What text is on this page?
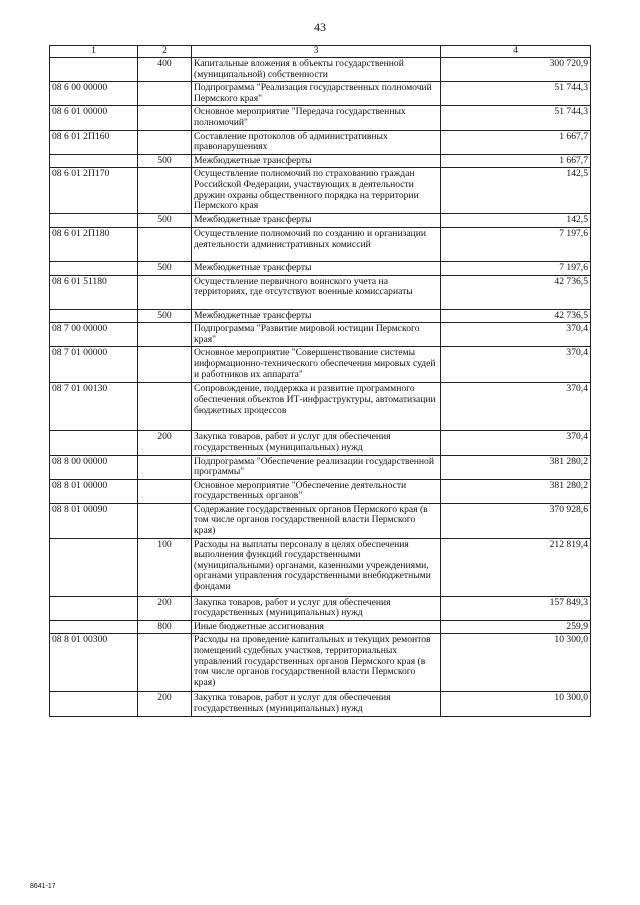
43
1	2	3	4
	400	Капитальные вложения в объекты государственной (муниципальной) собственности	300 720,9
08 6 00 00000		Подпрограмма "Реализация государственных полномочий Пермского края"	51 744,3
08 6 01 00000		Основное мероприятие "Передача государственных полномочий"	51 744,3
08 6 01 2П160		Составление протоколов об административных правонарушениях	1 667,7
	500	Межбюджетные трансферты	1 667,7
08 6 01 2П170		Осуществление полномочий по страхованию граждан Российской Федерации, участвующих в деятельности дружин охраны общественного порядка на территории Пермского края	142,5
	500	Межбюджетные трансферты	142,5
08 6 01 2П180		Осуществление полномочий по созданию и организации деятельности административных комиссий	7 197,6
	500	Межбюджетные трансферты	7 197,6
08 6 01 51180		Осуществление первичного воинского учета на территориях, где отсутствуют военные комиссариаты	42 736,5
	500	Межбюджетные трансферты	42 736,5
08 7 00 00000		Подпрограмма "Развитие мировой юстиции Пермского края"	370,4
08 7 01 00000		Основное мероприятие "Совершенствование системы информационно-технического обеспечения мировых судей и работников их аппарата"	370,4
08 7 01 00130		Сопровождение, поддержка и развитие программного обеспечения объектов ИТ-инфраструктуры, автоматизации бюджетных процессов	370,4
	200	Закупка товаров, работ и услуг для обеспечения государственных (муниципальных) нужд	370,4
08 8 00 00000		Подпрограмма "Обеспечение реализации государственной программы"	381 280,2
08 8 01 00000		Основное мероприятие "Обеспечение деятельности государственных органов"	381 280,2
08 8 01 00090		Содержание государственных органов Пермского края (в том числе органов государственной власти Пермского края)	370 928,6
	100	Расходы на выплаты персоналу в целях обеспечения выполнения функций государственными (муниципальными) органами, казенными учреждениями, органами управления государственными внебюджетными фондами	212 819,4
	200	Закупка товаров, работ и услуг для обеспечения государственных (муниципальных) нужд	157 849,3
	800	Иные бюджетные ассигнования	259,9
08 8 01 00300		Расходы на проведение капитальных и текущих ремонтов помещений судебных участков, территориальных управлений государственных органов Пермского края (в том числе органов государственной власти Пермского края)	10 300,0
	200	Закупка товаров, работ и услуг для обеспечения государственных (муниципальных) нужд	10 300,0
8641-17
